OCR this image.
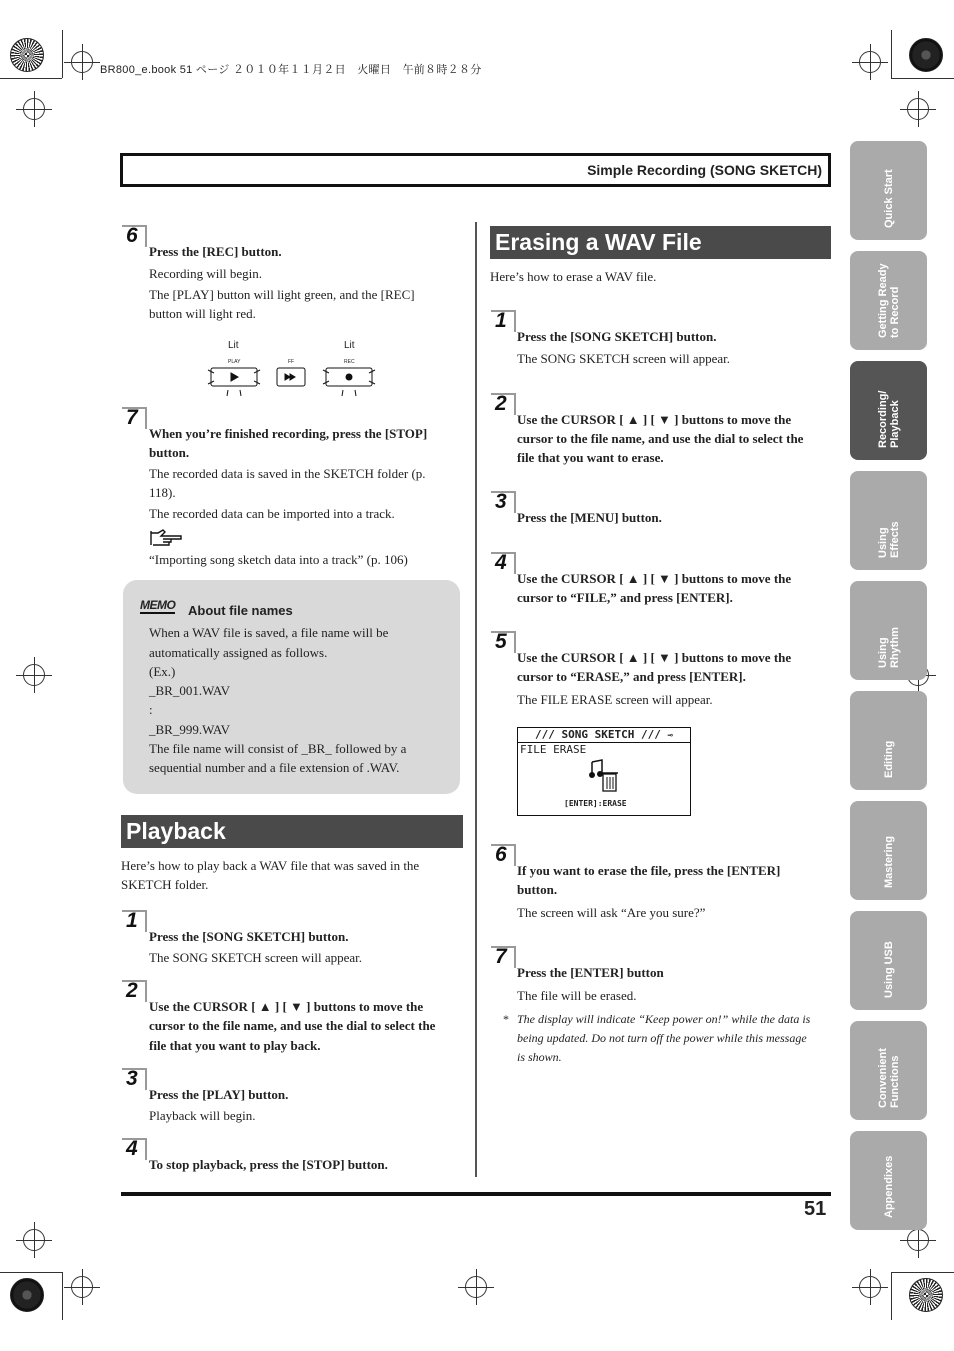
BR800_e.book 51 ページ ２０１０年１１月２日　火曜日　午前８時２８分
Simple Recording (SONG SKETCH)
6
Press the [REC] button.
Recording will begin.
The [PLAY] button will light green, and the [REC]
button will light red.
Lit	Lit
PLAY	FF	REC
7
When you’re finished recording, press the [STOP]
button.
The recorded data is saved in the SKETCH folder (p.
118).
The recorded data can be imported into a track.
“Importing song sketch data into a track” (p. 106)
MEMO About file names
When a WAV file is saved, a file name will be
automatically assigned as follows.
(Ex.)
_BR_001.WAV
:
_BR_999.WAV
The file name will consist of _BR_ followed by a
sequential number and a file extension of .WAV.
Playback
Here’s how to play back a WAV file that was saved in the
SKETCH folder.
1
Press the [SONG SKETCH] button.
The SONG SKETCH screen will appear.
2
Use the CURSOR [ ▲ ] [ ▼ ] buttons to move the
cursor to the file name, and use the dial to select the
file that you want to play back.
3
Press the [PLAY] button.
Playback will begin.
4
To stop playback, press the [STOP] button.
Erasing a WAV File
Here’s how to erase a WAV file.
1
Press the [SONG SKETCH] button.
The SONG SKETCH screen will appear.
2
Use the CURSOR [ ▲ ] [ ▼ ] buttons to move the
cursor to the file name, and use the dial to select the
file that you want to erase.
3
Press the [MENU] button.
4
Use the CURSOR [ ▲ ] [ ▼ ] buttons to move the
cursor to “FILE,” and press [ENTER].
5
Use the CURSOR [ ▲ ] [ ▼ ] buttons to move the
cursor to “ERASE,” and press [ENTER].
The FILE ERASE screen will appear.
/// SONG SKETCH /// ⊸
FILE ERASE
[ENTER]:ERASE
6
If you want to erase the file, press the [ENTER]
button.
The screen will ask “Are you sure?”
7
Press the [ENTER] button
The file will be erased.
* The display will indicate “Keep power on!” while the data is
being updated. Do not turn off the power while this message
is shown.
51
Quick Start
Getting Ready to Record
Recording/ Playback
Using Effects
Using Rhythm
Editing
Mastering
Using USB
Convenient Functions
Appendixes
